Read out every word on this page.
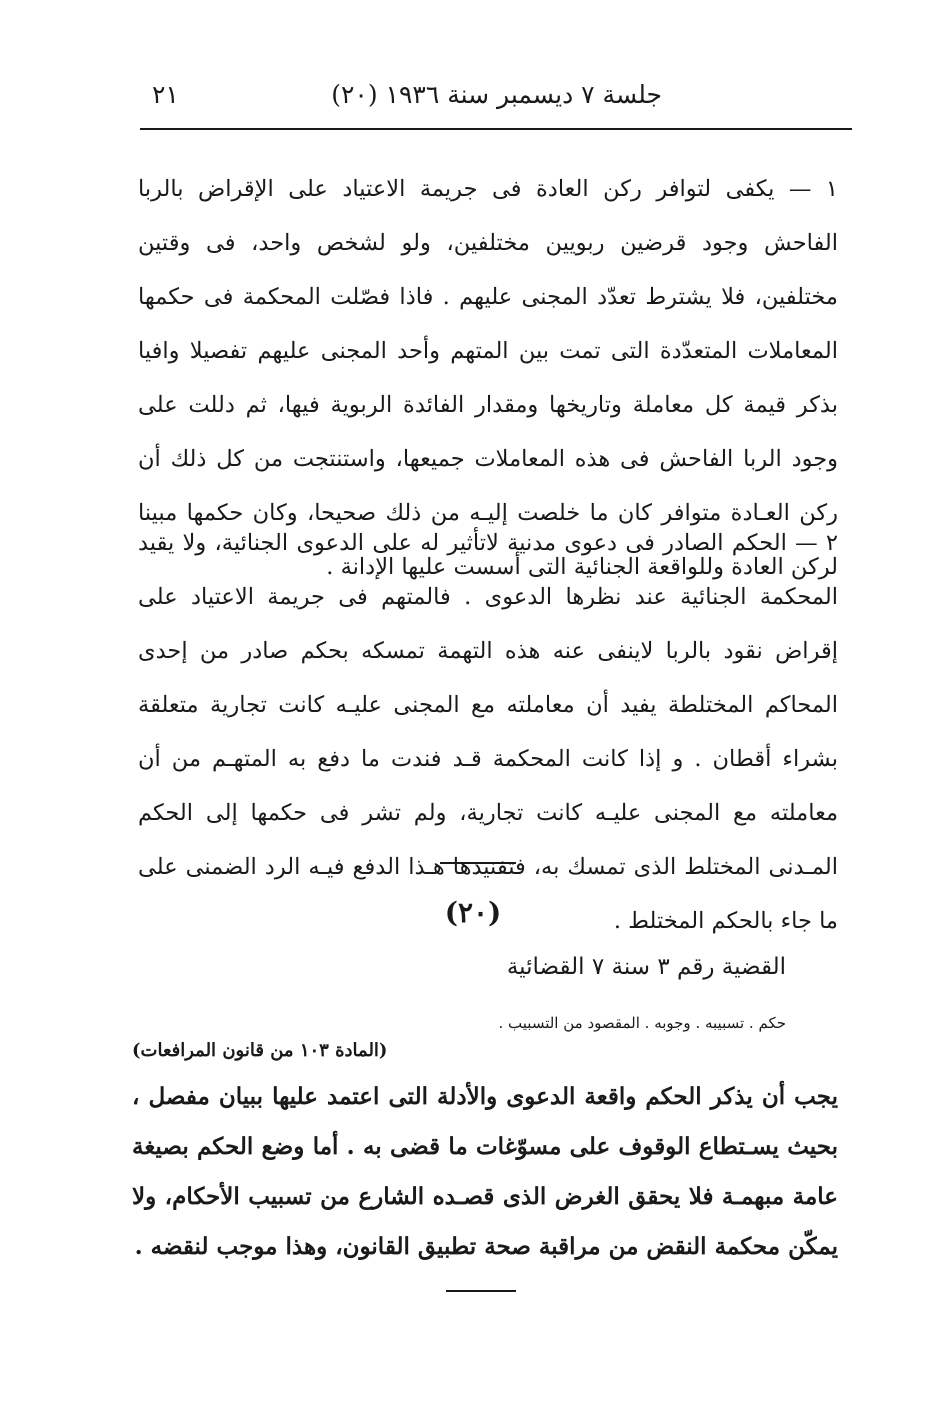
جلسة ٧ ديسمبر سنة ١٩٣٦ (٢٠)
٢١

١ — يكفى لتوافر ركن العادة فى جريمة الاعتياد على الإقراض بالربا الفاحش وجود قرضين ربويين مختلفين، ولو لشخص واحد، فى وقتين مختلفين، فلا يشترط تعدّد المجنى عليهم . فاذا فصّلت المحكمة فى حكمها المعاملات المتعدّدة التى تمت بين المتهم وأحد المجنى عليهم تفصيلا وافيا بذكر قيمة كل معاملة وتاريخها ومقدار الفائدة الربوية فيها، ثم دللت على وجود الربا الفاحش فى هذه المعاملات جميعها، واستنتجت من كل ذلك أن ركن العـادة متوافر كان ما خلصت إليـه من ذلك صحيحا، وكان حكمها مبينا لركن العادة وللواقعة الجنائية التى أسست عليها الإدانة .

٢ — الحكم الصادر فى دعوى مدنية لاتأثير له على الدعوى الجنائية، ولا يقيد المحكمة الجنائية عند نظرها الدعوى . فالمتهم فى جريمة الاعتياد على إقراض نقود بالربا لاينفى عنه هذه التهمة تمسكه بحكم صادر من إحدى المحاكم المختلطة يفيد أن معاملته مع المجنى عليـه كانت تجارية متعلقة بشراء أقطان . و إذا كانت المحكمة قـد فندت ما دفع به المتهـم من أن معاملته مع المجنى عليـه كانت تجارية، ولم تشر فى حكمها إلى الحكم المـدنى المختلط الذى تمسك به، فتفنيدها هـذا الدفع فيـه الرد الضمنى على ما جاء بالحكم المختلط .

(٢٠)
القضية رقم ٣ سنة ٧ القضائية
حكم . تسبيبه . وجوبه . المقصود من التسبيب .
(المادة ١٠٣ من قانون المرافعات)

يجب أن يذكر الحكم واقعة الدعوى والأدلة التى اعتمد عليها ببيان مفصل ، بحيث يسـتطاع الوقوف على مسوّغات ما قضى به . أما وضع الحكم بصيغة عامة مبهمـة فلا يحقق الغرض الذى قصـده الشارع من تسبيب الأحكام، ولا يمكّن محكمة النقض من مراقبة صحة تطبيق القانون، وهذا موجب لنقضه .
